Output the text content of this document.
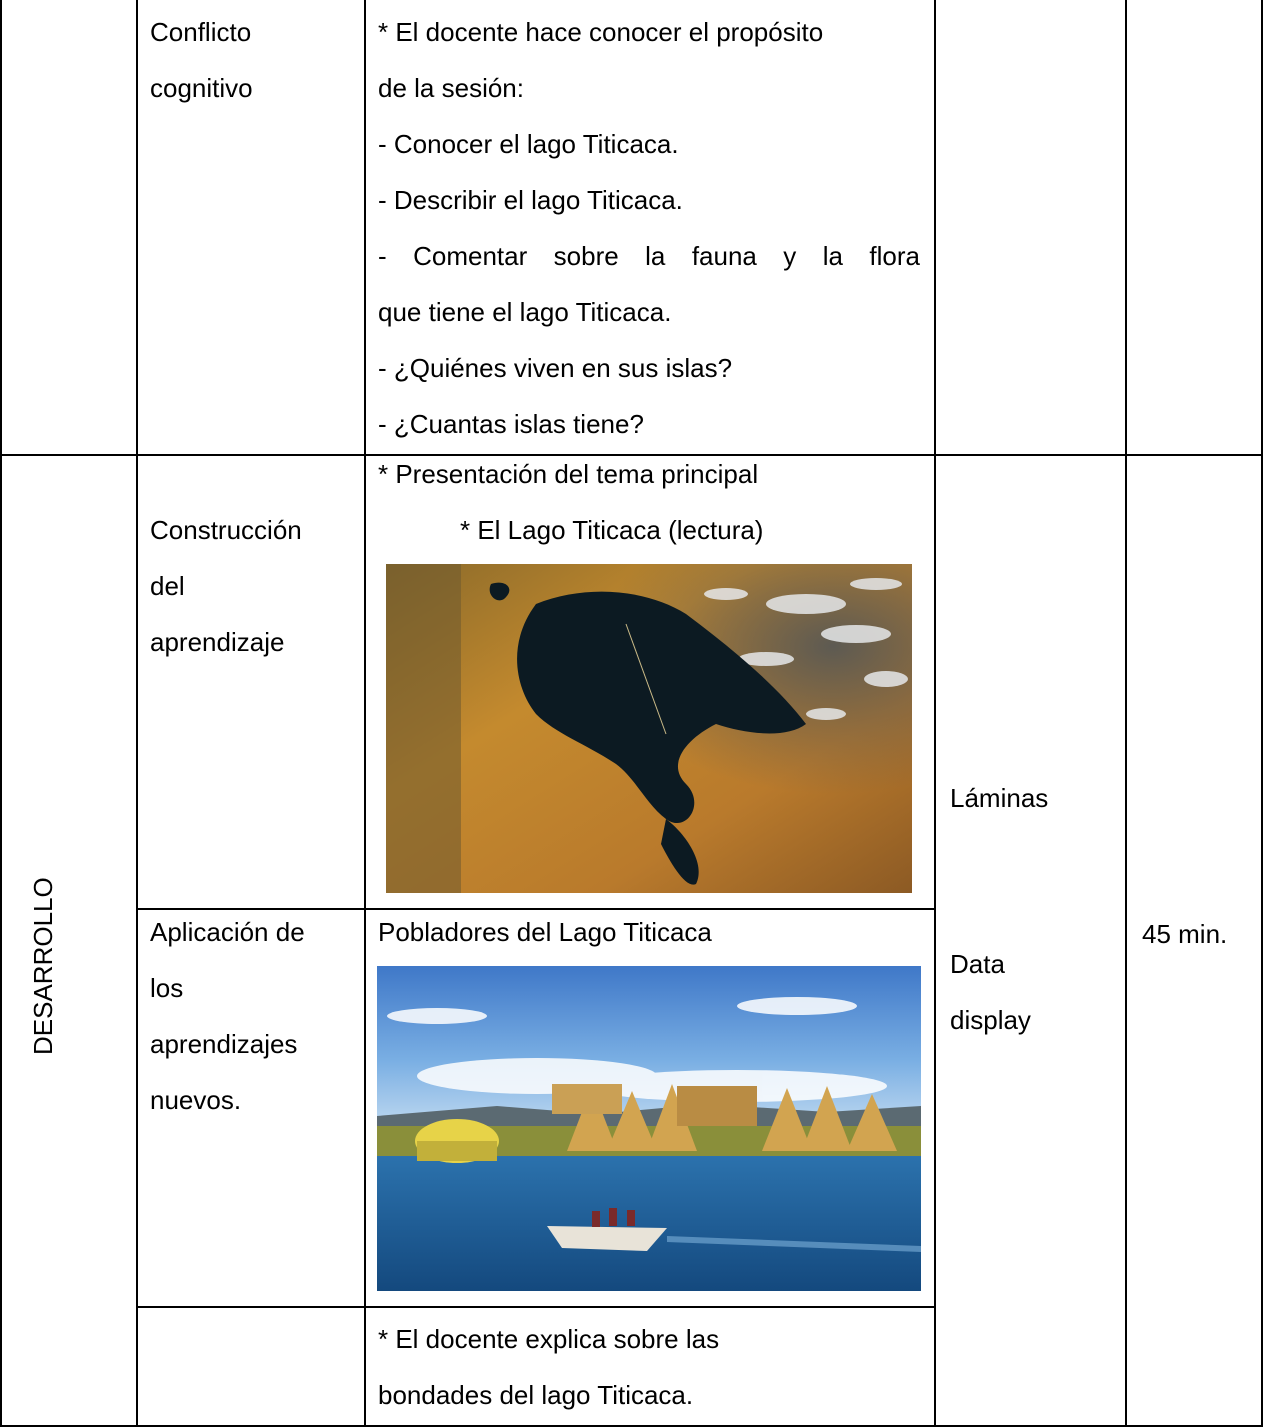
Conflicto
cognitivo
* El docente hace conocer el propósito
de la sesión:
- Conocer el lago Titicaca.
- Describir el lago Titicaca.
- Comentar sobre la fauna y la flora
que tiene el lago Titicaca.
- ¿Quiénes viven en sus islas?
- ¿Cuantas islas tiene?
DESARROLLO
Construcción
del
aprendizaje
* Presentación del tema principal
* El Lago Titicaca (lectura)
Aplicación de
los
aprendizajes
nuevos.
Pobladores del Lago Titicaca
* El docente explica sobre las
bondades del lago Titicaca.
Láminas
Data
display
45 min.
